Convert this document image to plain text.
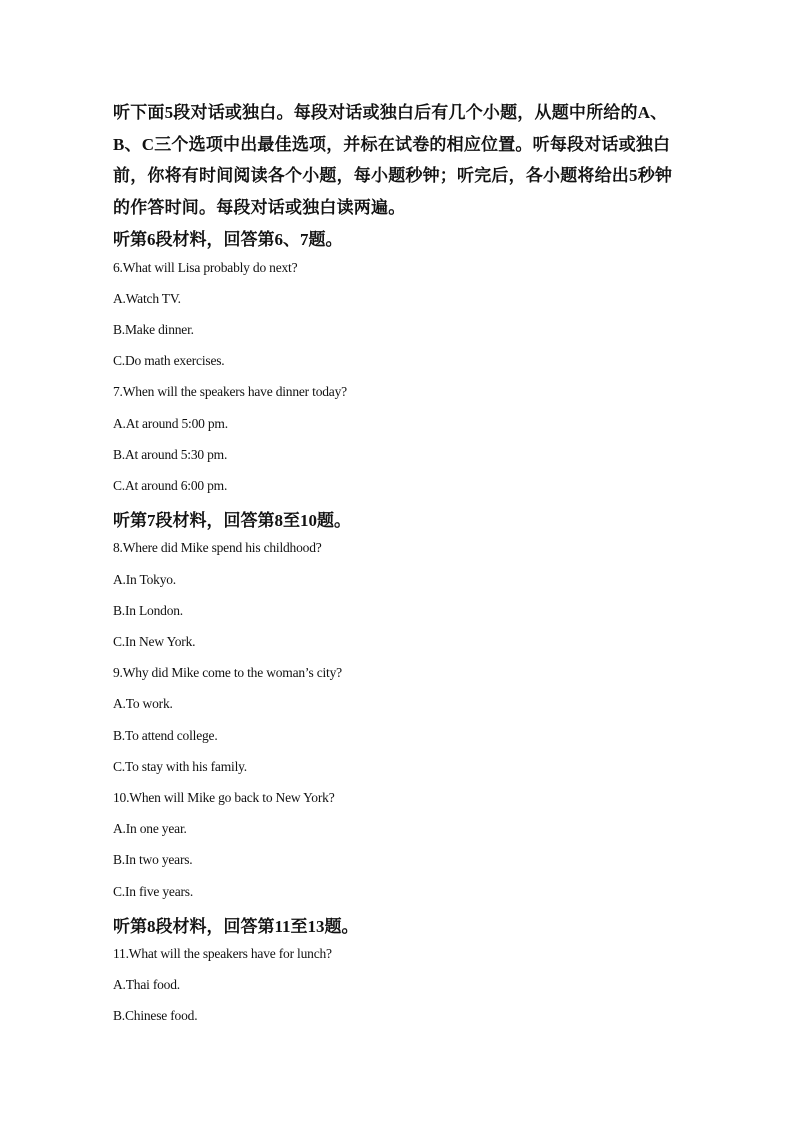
听下面5段对话或独白。每段对话或独白后有几个小题，从题中所给的A、B、C三个选项中出最佳选项，并标在试卷的相应位置。听每段对话或独白前，你将有时间阅读各个小题，每小题秒钟；听完后，各小题将给出5秒钟的作答时间。每段对话或独白读两遍。

听第6段材料，回答第6、7题。

6.What will Lisa probably do next?

A.Watch TV.

B.Make dinner.

C.Do math exercises.

7.When will the speakers have dinner today?

A.At around 5:00 pm.

B.At around 5:30 pm.

C.At around 6:00 pm.

听第7段材料，回答第8至10题。

8.Where did Mike spend his childhood?

A.In Tokyo.

B.In London.

C.In New York.

9.Why did Mike come to the woman’s city?

A.To work.

B.To attend college.

C.To stay with his family.

10.When will Mike go back to New York?

A.In one year.

B.In two years.

C.In five years.

听第8段材料，回答第11至13题。

11.What will the speakers have for lunch?

A.Thai food.

B.Chinese food.
